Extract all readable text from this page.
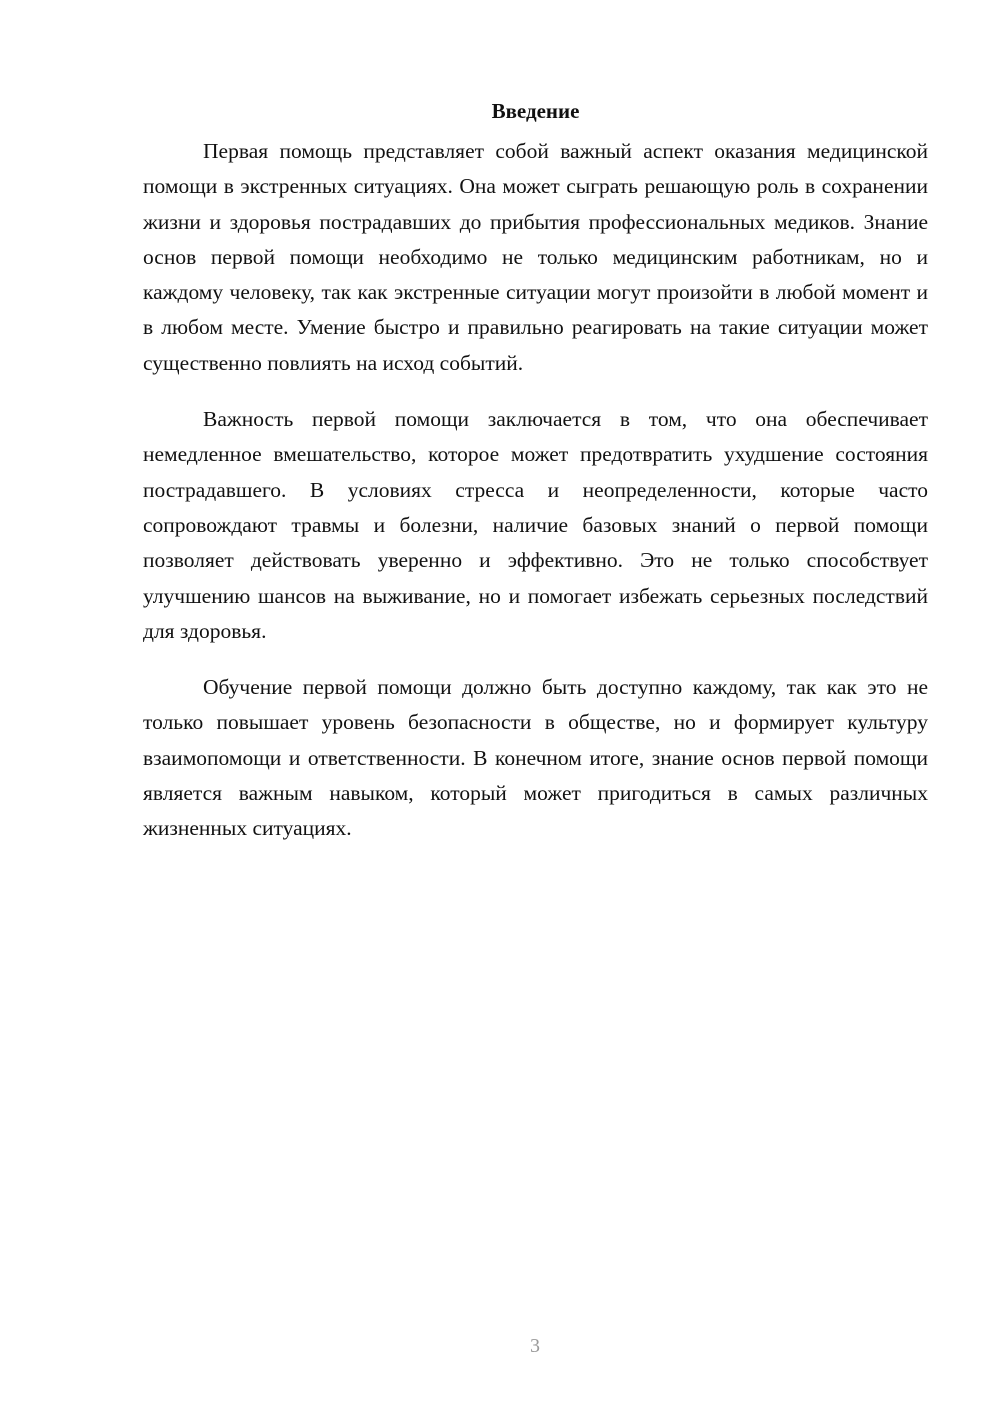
Введение

Первая помощь представляет собой важный аспект оказания медицинской помощи в экстренных ситуациях. Она может сыграть решающую роль в сохранении жизни и здоровья пострадавших до прибытия профессиональных медиков. Знание основ первой помощи необходимо не только медицинским работникам, но и каждому человеку, так как экстренные ситуации могут произойти в любой момент и в любом месте. Умение быстро и правильно реагировать на такие ситуации может существенно повлиять на исход событий.

Важность первой помощи заключается в том, что она обеспечивает немедленное вмешательство, которое может предотвратить ухудшение состояния пострадавшего. В условиях стресса и неопределенности, которые часто сопровождают травмы и болезни, наличие базовых знаний о первой помощи позволяет действовать уверенно и эффективно. Это не только способствует улучшению шансов на выживание, но и помогает избежать серьезных последствий для здоровья.

Обучение первой помощи должно быть доступно каждому, так как это не только повышает уровень безопасности в обществе, но и формирует культуру взаимопомощи и ответственности. В конечном итоге, знание основ первой помощи является важным навыком, который может пригодиться в самых различных жизненных ситуациях.

3
